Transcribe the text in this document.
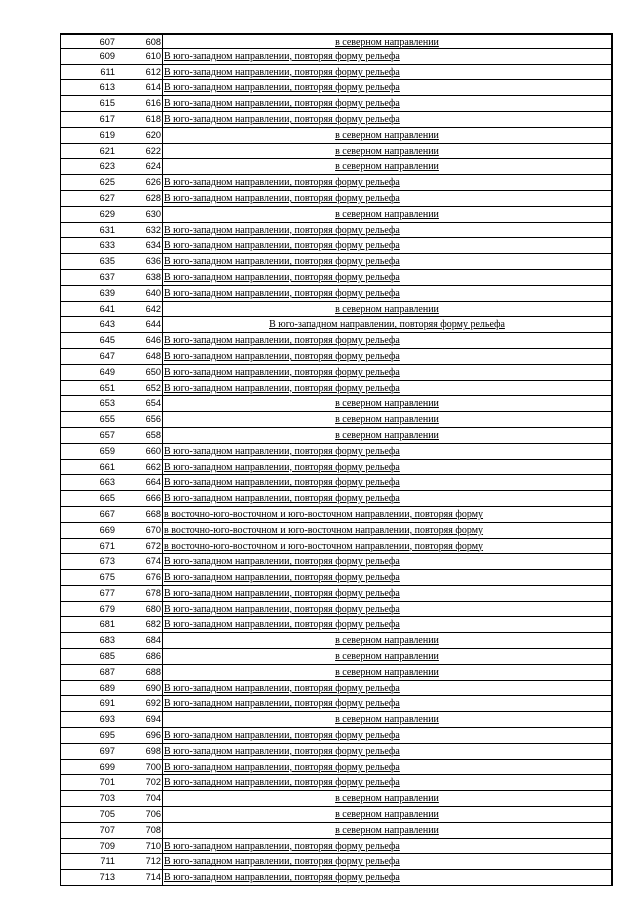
607	608	в северном направлении
609	610 В юго-западном направлении, повторяя форму рельефа
611	612 В юго-западном направлении, повторяя форму рельефа
613	614 В юго-западном направлении, повторяя форму рельефа
615	616 В юго-западном направлении, повторяя форму рельефа
617	618 В юго-западном направлении, повторяя форму рельефа
619	620	в северном направлении
621	622	в северном направлении
623	624	в северном направлении
625	626 В юго-западном направлении, повторяя форму рельефа
627	628 В юго-западном направлении, повторяя форму рельефа
629	630	в северном направлении
631	632 В юго-западном направлении, повторяя форму рельефа
633	634 В юго-западном направлении, повторяя форму рельефа
635	636 В юго-западном направлении, повторяя форму рельефа
637	638 В юго-западном направлении, повторяя форму рельефа
639	640 В юго-западном направлении, повторяя форму рельефа
641	642	в северном направлении
643	644	В юго-западном направлении, повторяя форму рельефа
645	646 В юго-западном направлении, повторяя форму рельефа
647	648 В юго-западном направлении, повторяя форму рельефа
649	650 В юго-западном направлении, повторяя форму рельефа
651	652 В юго-западном направлении, повторяя форму рельефа
653	654	в северном направлении
655	656	в северном направлении
657	658	в северном направлении
659	660 В юго-западном направлении, повторяя форму рельефа
661	662 В юго-западном направлении, повторяя форму рельефа
663	664 В юго-западном направлении, повторяя форму рельефа
665	666 В юго-западном направлении, повторяя форму рельефа
667	668 в восточно-юго-восточном и юго-восточном направлении, повторяя форму
669	670 в восточно-юго-восточном и юго-восточном направлении, повторяя форму
671	672 в восточно-юго-восточном и юго-восточном направлении, повторяя форму
673	674 В юго-западном направлении, повторяя форму рельефа
675	676 В юго-западном направлении, повторяя форму рельефа
677	678 В юго-западном направлении, повторяя форму рельефа
679	680 В юго-западном направлении, повторяя форму рельефа
681	682 В юго-западном направлении, повторяя форму рельефа
683	684	в северном направлении
685	686	в северном направлении
687	688	в северном направлении
689	690 В юго-западном направлении, повторяя форму рельефа
691	692 В юго-западном направлении, повторяя форму рельефа
693	694	в северном направлении
695	696 В юго-западном направлении, повторяя форму рельефа
697	698 В юго-западном направлении, повторяя форму рельефа
699	700 В юго-западном направлении, повторяя форму рельефа
701	702 В юго-западном направлении, повторяя форму рельефа
703	704	в северном направлении
705	706	в северном направлении
707	708	в северном направлении
709	710 В юго-западном направлении, повторяя форму рельефа
711	712 В юго-западном направлении, повторяя форму рельефа
713	714 В юго-западном направлении, повторяя форму рельефа
